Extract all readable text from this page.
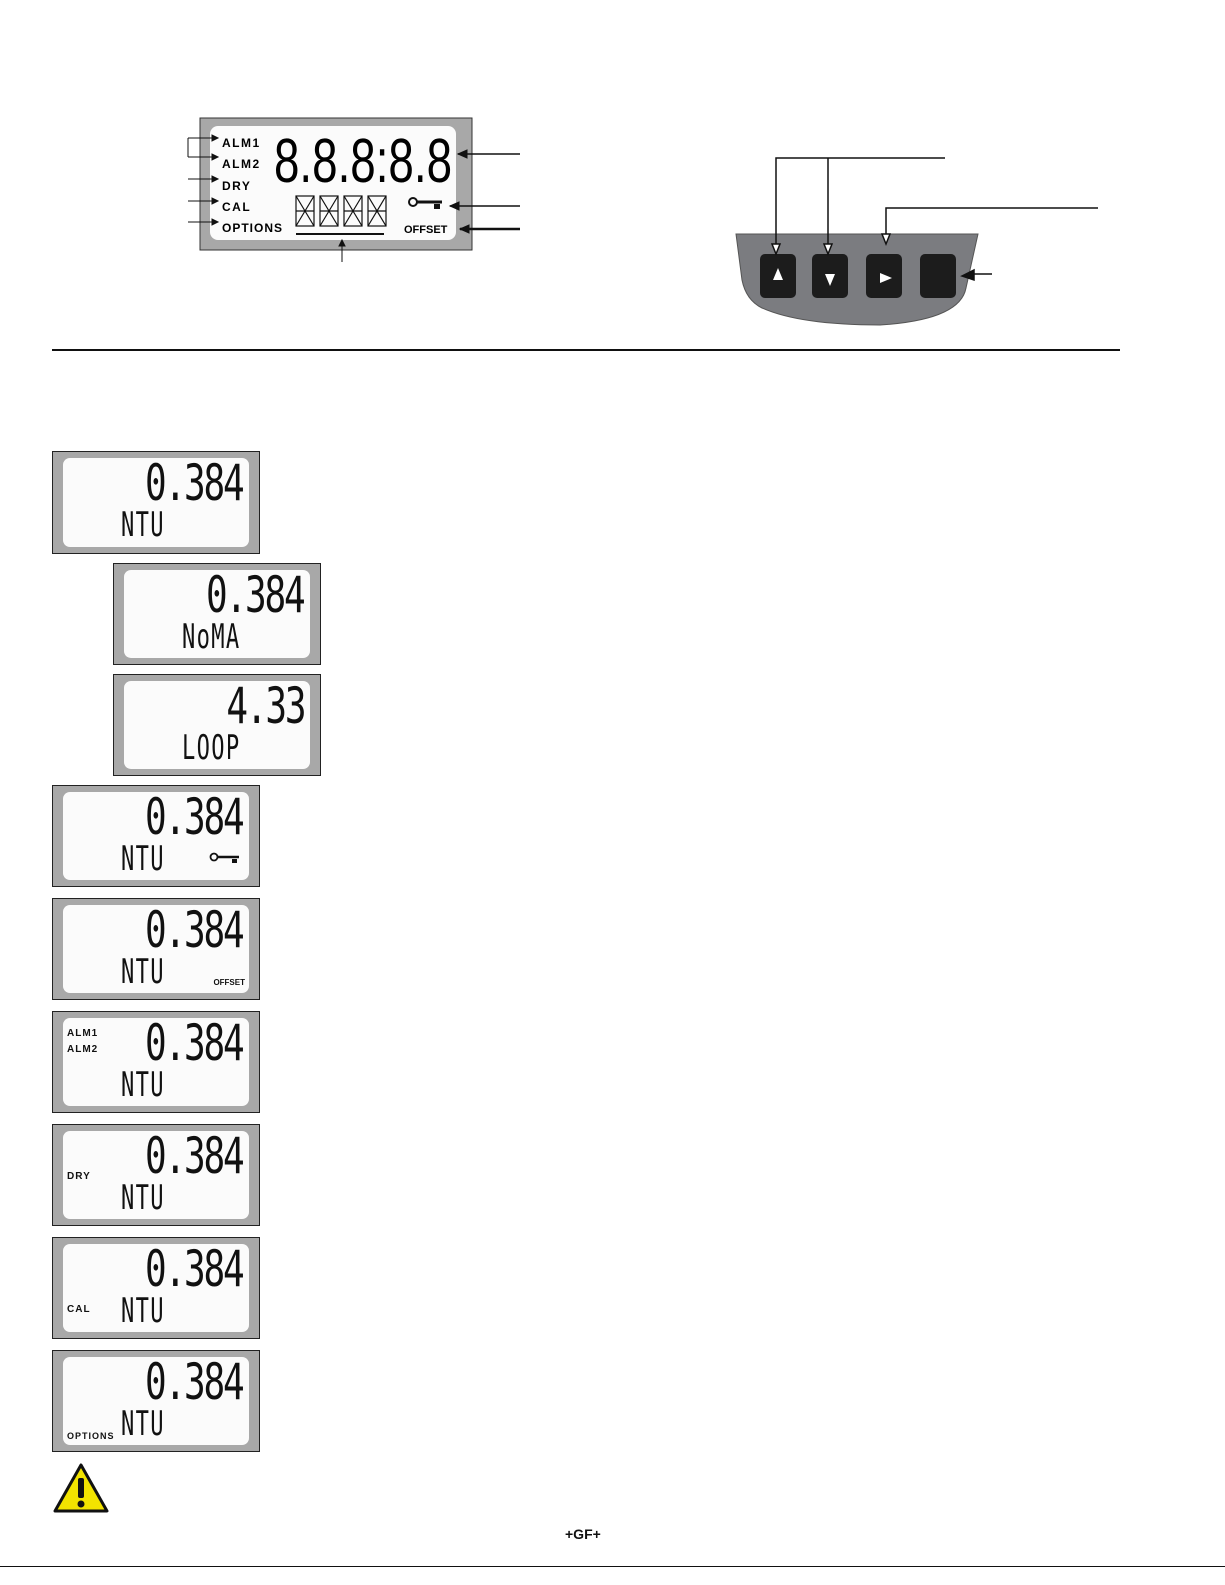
ALM1
ALM2
DRY
CAL
OPTIONS
8.8.8:8.8
OFFSET
0.384
NTU
0.384
NoMA
4.33
LOOP
0.384
NTU
0.384
NTU	OFFSET
ALM1
ALM2 0.384
NTU
DRY 0.384
NTU
CAL
0.384
NTU
OPTIONS
0.384
NTU
+GF+
